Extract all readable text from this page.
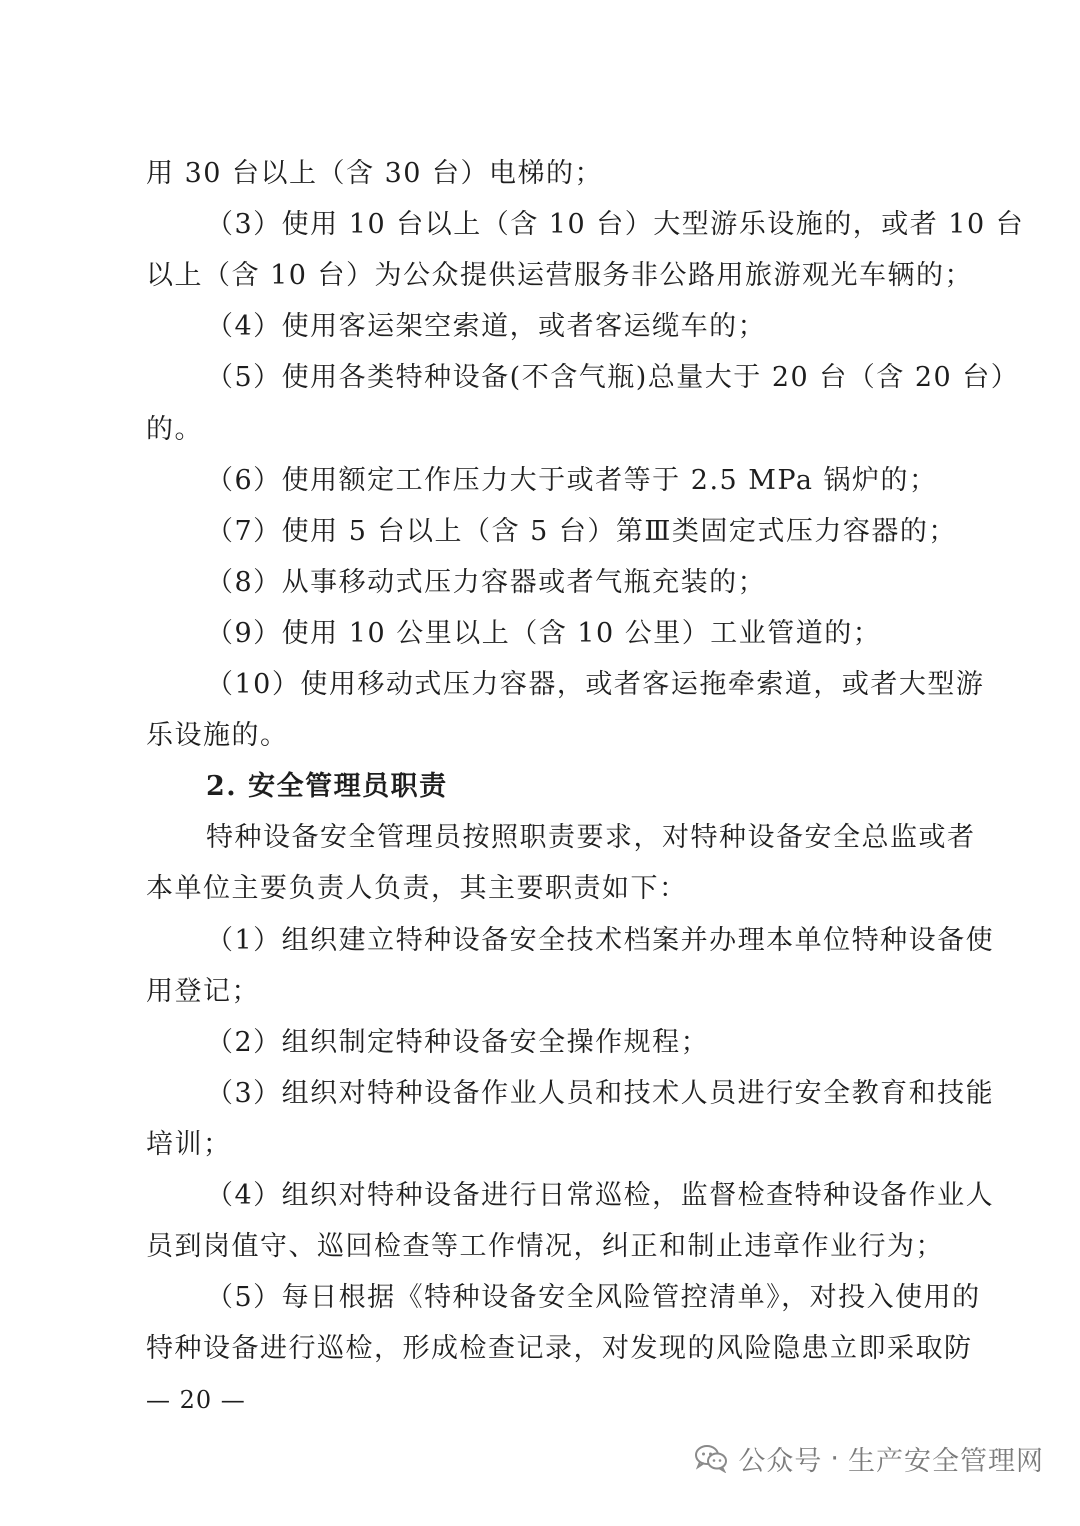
用 30 台以上（含 30 台）电梯的；
（3）使用 10 台以上（含 10 台）大型游乐设施的，或者 10 台
以上（含 10 台）为公众提供运营服务非公路用旅游观光车辆的；
（4）使用客运架空索道，或者客运缆车的；
（5）使用各类特种设备(不含气瓶)总量大于 20 台（含 20 台）
的。
（6）使用额定工作压力大于或者等于 2.5 MPa 锅炉的；
（7）使用 5 台以上（含 5 台）第Ⅲ类固定式压力容器的；
（8）从事移动式压力容器或者气瓶充装的；
（9）使用 10 公里以上（含 10 公里）工业管道的；
（10）使用移动式压力容器，或者客运拖牵索道，或者大型游
乐设施的。
2. 安全管理员职责
特种设备安全管理员按照职责要求，对特种设备安全总监或者
本单位主要负责人负责，其主要职责如下：
（1）组织建立特种设备安全技术档案并办理本单位特种设备使
用登记；
（2）组织制定特种设备安全操作规程；
（3）组织对特种设备作业人员和技术人员进行安全教育和技能
培训；
（4）组织对特种设备进行日常巡检，监督检查特种设备作业人
员到岗值守、巡回检查等工作情况，纠正和制止违章作业行为；
（5）每日根据《特种设备安全风险管控清单》，对投入使用的
特种设备进行巡检，形成检查记录，对发现的风险隐患立即采取防
— 20 —
公众号 · 生产安全管理网
